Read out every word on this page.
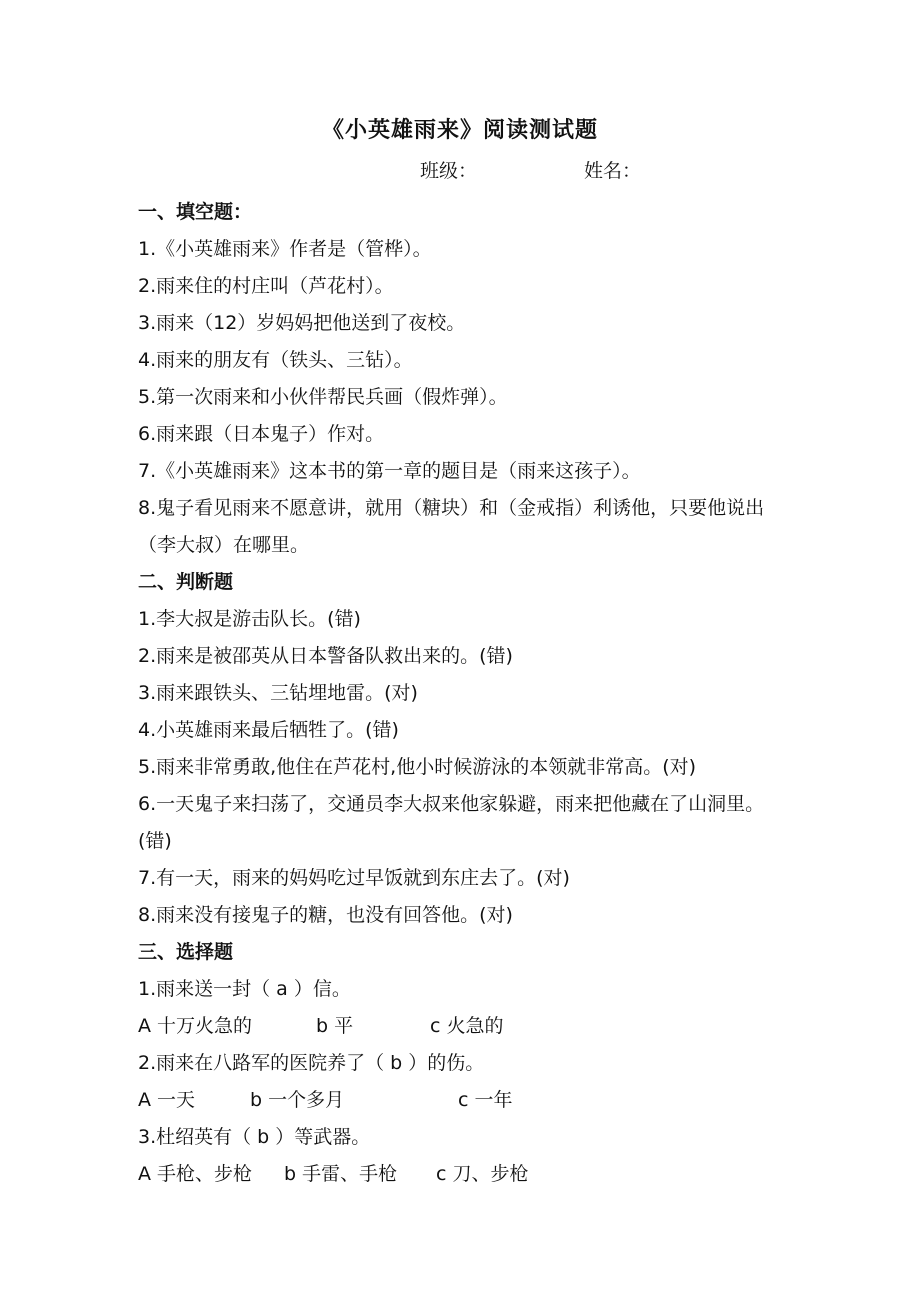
《小英雄雨来》阅读测试题
班级：	姓名：
一、填空题：
1.《小英雄雨来》作者是（管桦）。
2.雨来住的村庄叫（芦花村）。
3.雨来（12）岁妈妈把他送到了夜校。
4.雨来的朋友有（铁头、三钻）。
5.第一次雨来和小伙伴帮民兵画（假炸弹）。
6.雨来跟（日本鬼子）作对。
7.《小英雄雨来》这本书的第一章的题目是（雨来这孩子）。
8.鬼子看见雨来不愿意讲，就用（糖块）和（金戒指）利诱他，只要他说出（李大叔）在哪里。
二、判断题
1.李大叔是游击队长。(错)
2.雨来是被邵英从日本警备队救出来的。(错)
3.雨来跟铁头、三钻埋地雷。(对)
4.小英雄雨来最后牺牲了。(错)
5.雨来非常勇敢,他住在芦花村,他小时候游泳的本领就非常高。(对)
6.一天鬼子来扫荡了，交通员李大叔来他家躲避，雨来把他藏在了山洞里。(错)
7.有一天，雨来的妈妈吃过早饭就到东庄去了。(对)
8.雨来没有接鬼子的糖，也没有回答他。(对)
三、选择题
1.雨来送一封（ a ）信。
A 十万火急的	b 平	c 火急的
2.雨来在八路军的医院养了（ b ）的伤。
A 一天	b 一个多月	c 一年
3.杜绍英有（ b ）等武器。
A 手枪、步枪 b 手雷、手枪 c 刀、步枪
